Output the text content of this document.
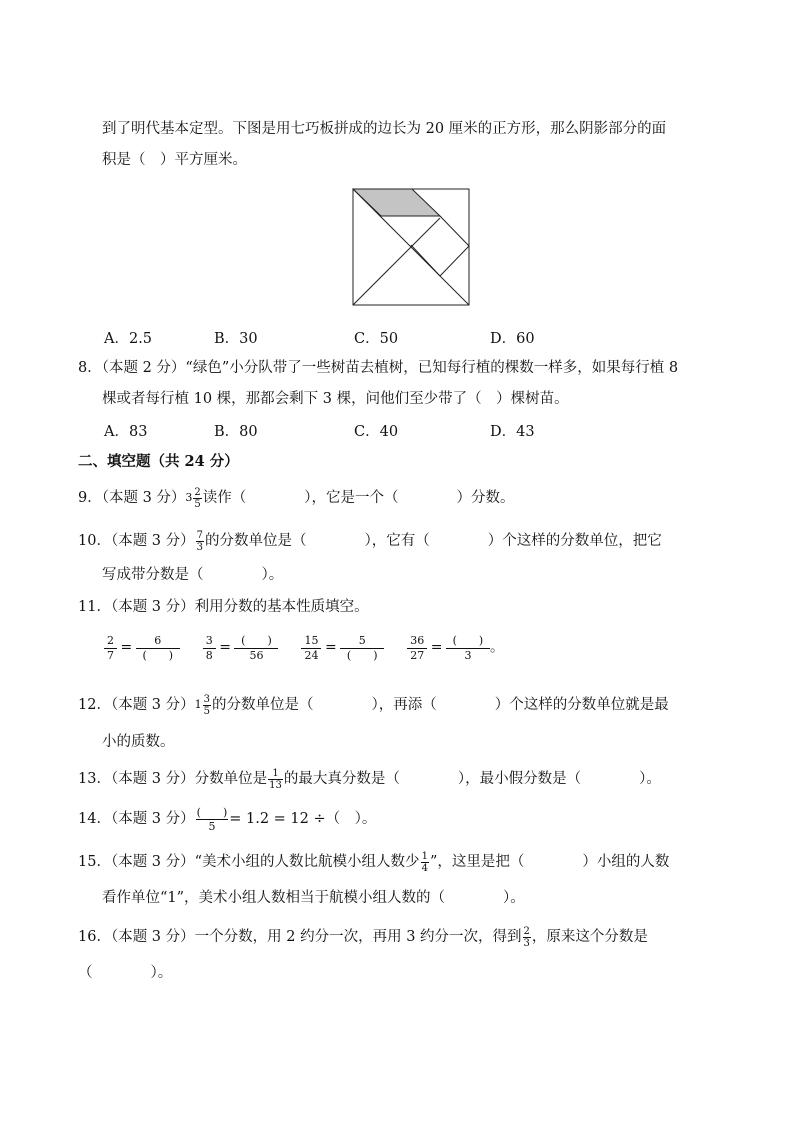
到了明代基本定型。下图是用七巧板拼成的边长为 20 厘米的正方形，那么阴影部分的面
积是（　）平方厘米。
A．2.5	B．30	C．50	D．60
8．（本题 2 分）“绿色”小分队带了一些树苗去植树，已知每行植的棵数一样多，如果每行植 8
棵或者每行植 10 棵，那都会剩下 3 棵，问他们至少带了（　）棵树苗。
A．83	B．80	C．40	D．43
二、填空题（共 24 分）
9．（本题 3 分）$3 \frac{2}{5}$ 读作（　　　　），它是一个（　　　　）分数。
10．（本题 3 分） $\frac{7}{3}$ 的分数单位是（　　　　），它有（　　　　）个这样的分数单位，把它
写成带分数是（　　　　）。
11．（本题 3 分）利用分数的基本性质填空。
$\frac{2}{7}$ =	6
(　　)
	$\frac{3}{8}$ = (　　)
56
	$\frac{15}{24}$ =	5
(　　)
	$\frac{36}{27}$ = (　　)
3	。
12．（本题 3 分）$1 \frac{3}{5}$ 的分数单位是（　　　　），再添（　　　　）个这样的分数单位就是最
小的质数。
13．（本题 3 分）分数单位是 $\frac{1}{13}$ 的最大真分数是（　　　　），最小假分数是（　　　　）。
14．（本题 3 分） $\frac{( )}{5} = 1.2 = 12$ ÷（　）。
15．（本题 3 分）“美术小组的人数比航模小组人数少 $\frac{1}{4}$ ”，这里是把（　　　　）小组的人数
看作单位“1”，美术小组人数相当于航模小组人数的（　　　　）。
16．（本题 3 分）一个分数，用 2 约分一次，再用 3 约分一次，得到 $\frac{2}{3}$ ，原来这个分数是
（　　　　）。
